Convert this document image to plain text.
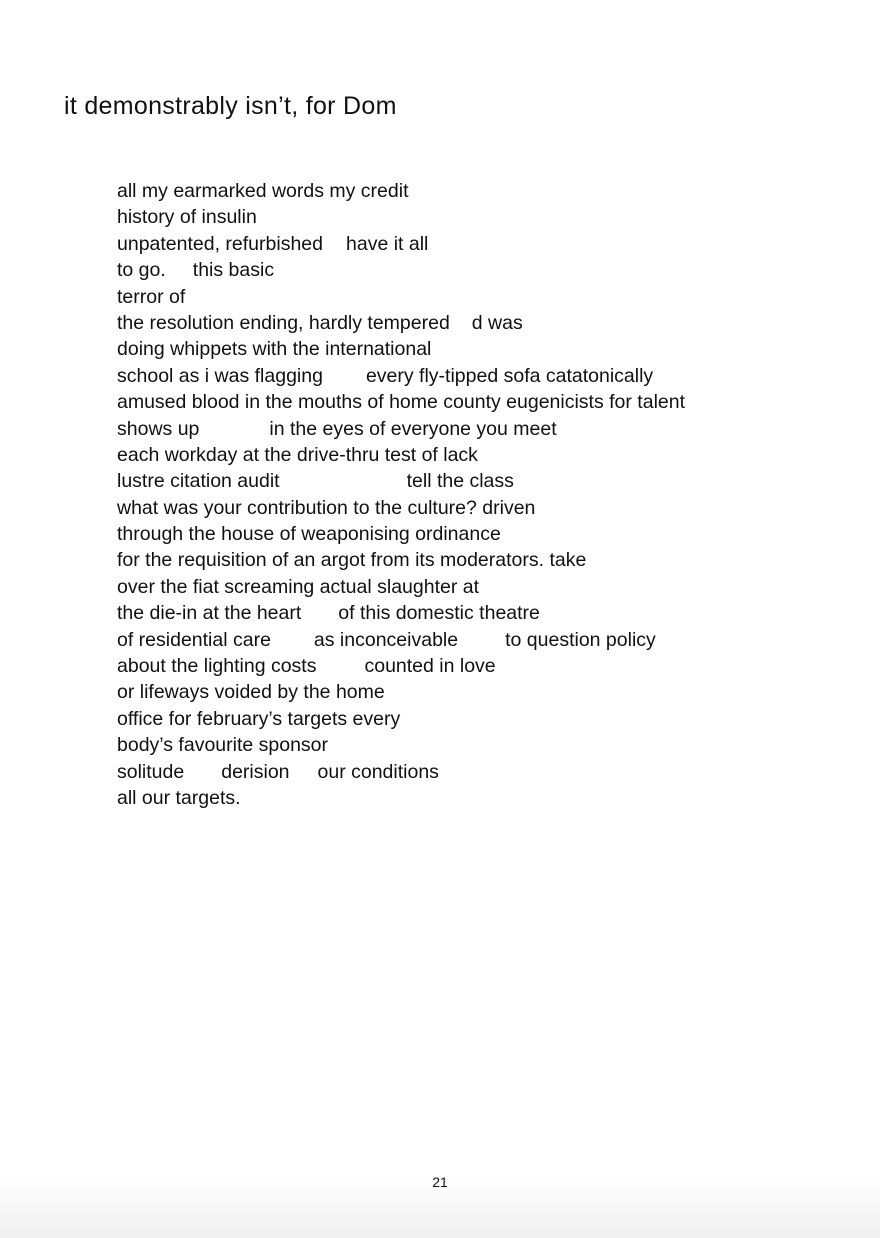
it demonstrably isn’t, for Dom
all my earmarked words my credit
history of insulin
unpatented, refurbished have it all
to go. this basic
terror of
the resolution ending, hardly tempered d was
doing whippets with the international
school as i was flagging every fly-tipped sofa catatonically
amused blood in the mouths of home county eugenicists for talent
shows up	in the eyes of everyone you meet
each workday at the drive-thru test of lack
lustre citation audit	tell the class
what was your contribution to the culture? driven
through the house of weaponising ordinance
for the requisition of an argot from its moderators. take
over the fiat screaming actual slaughter at
the die-in at the heart of this domestic theatre
of residential care as inconceivable to question policy
about the lighting costs counted in love
or lifeways voided by the home
office for february’s targets every
body’s favourite sponsor
solitude derision our conditions
all our targets.
21
